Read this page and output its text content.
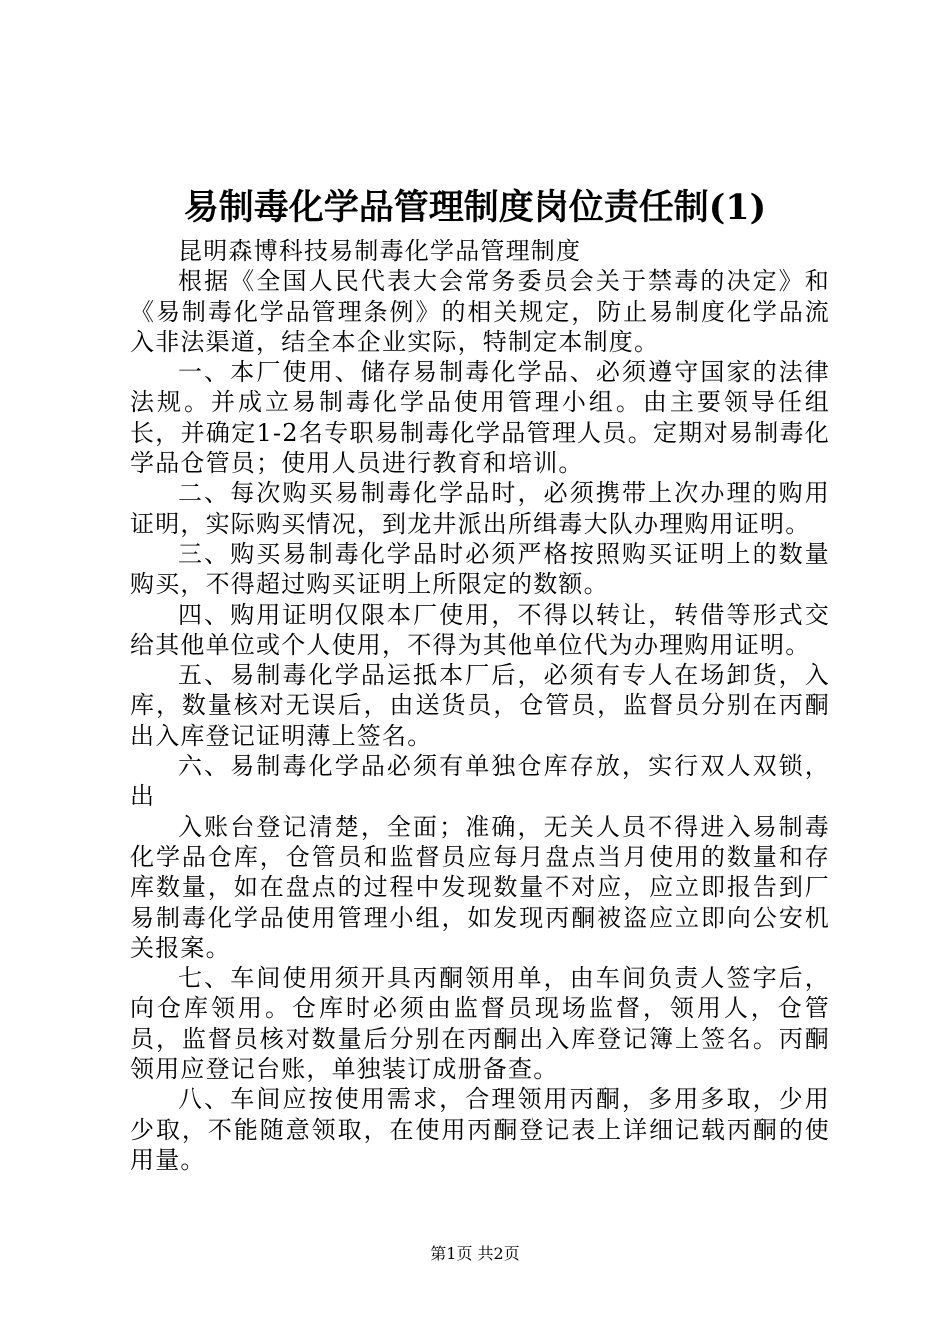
易制毒化学品管理制度岗位责任制(1)

昆明森博科技易制毒化学品管理制度

根据《全国人民代表大会常务委员会关于禁毒的决定》和《易制毒化学品管理条例》的相关规定，防止易制度化学品流入非法渠道，结全本企业实际，特制定本制度。

一、本厂使用、储存易制毒化学品、必须遵守国家的法律法规。并成立易制毒化学品使用管理小组。由主要领导任组长，并确定1-2名专职易制毒化学品管理人员。定期对易制毒化学品仓管员；使用人员进行教育和培训。

二、每次购买易制毒化学品时，必须携带上次办理的购用证明，实际购买情况，到龙井派出所缉毒大队办理购用证明。

三、购买易制毒化学品时必须严格按照购买证明上的数量购买，不得超过购买证明上所限定的数额。

四、购用证明仅限本厂使用，不得以转让，转借等形式交给其他单位或个人使用，不得为其他单位代为办理购用证明。

五、易制毒化学品运抵本厂后，必须有专人在场卸货，入库，数量核对无误后，由送货员，仓管员，监督员分别在丙酮出入库登记证明薄上签名。

六、易制毒化学品必须有单独仓库存放，实行双人双锁，出

入账台登记清楚，全面；准确，无关人员不得进入易制毒化学品仓库，仓管员和监督员应每月盘点当月使用的数量和存库数量，如在盘点的过程中发现数量不对应，应立即报告到厂易制毒化学品使用管理小组，如发现丙酮被盗应立即向公安机关报案。

七、车间使用须开具丙酮领用单，由车间负责人签字后，向仓库领用。仓库时必须由监督员现场监督，领用人，仓管员，监督员核对数量后分别在丙酮出入库登记簿上签名。丙酮领用应登记台账，单独装订成册备查。

八、车间应按使用需求，合理领用丙酮，多用多取，少用少取，不能随意领取，在使用丙酮登记表上详细记载丙酮的使用量。

第1页 共2页
